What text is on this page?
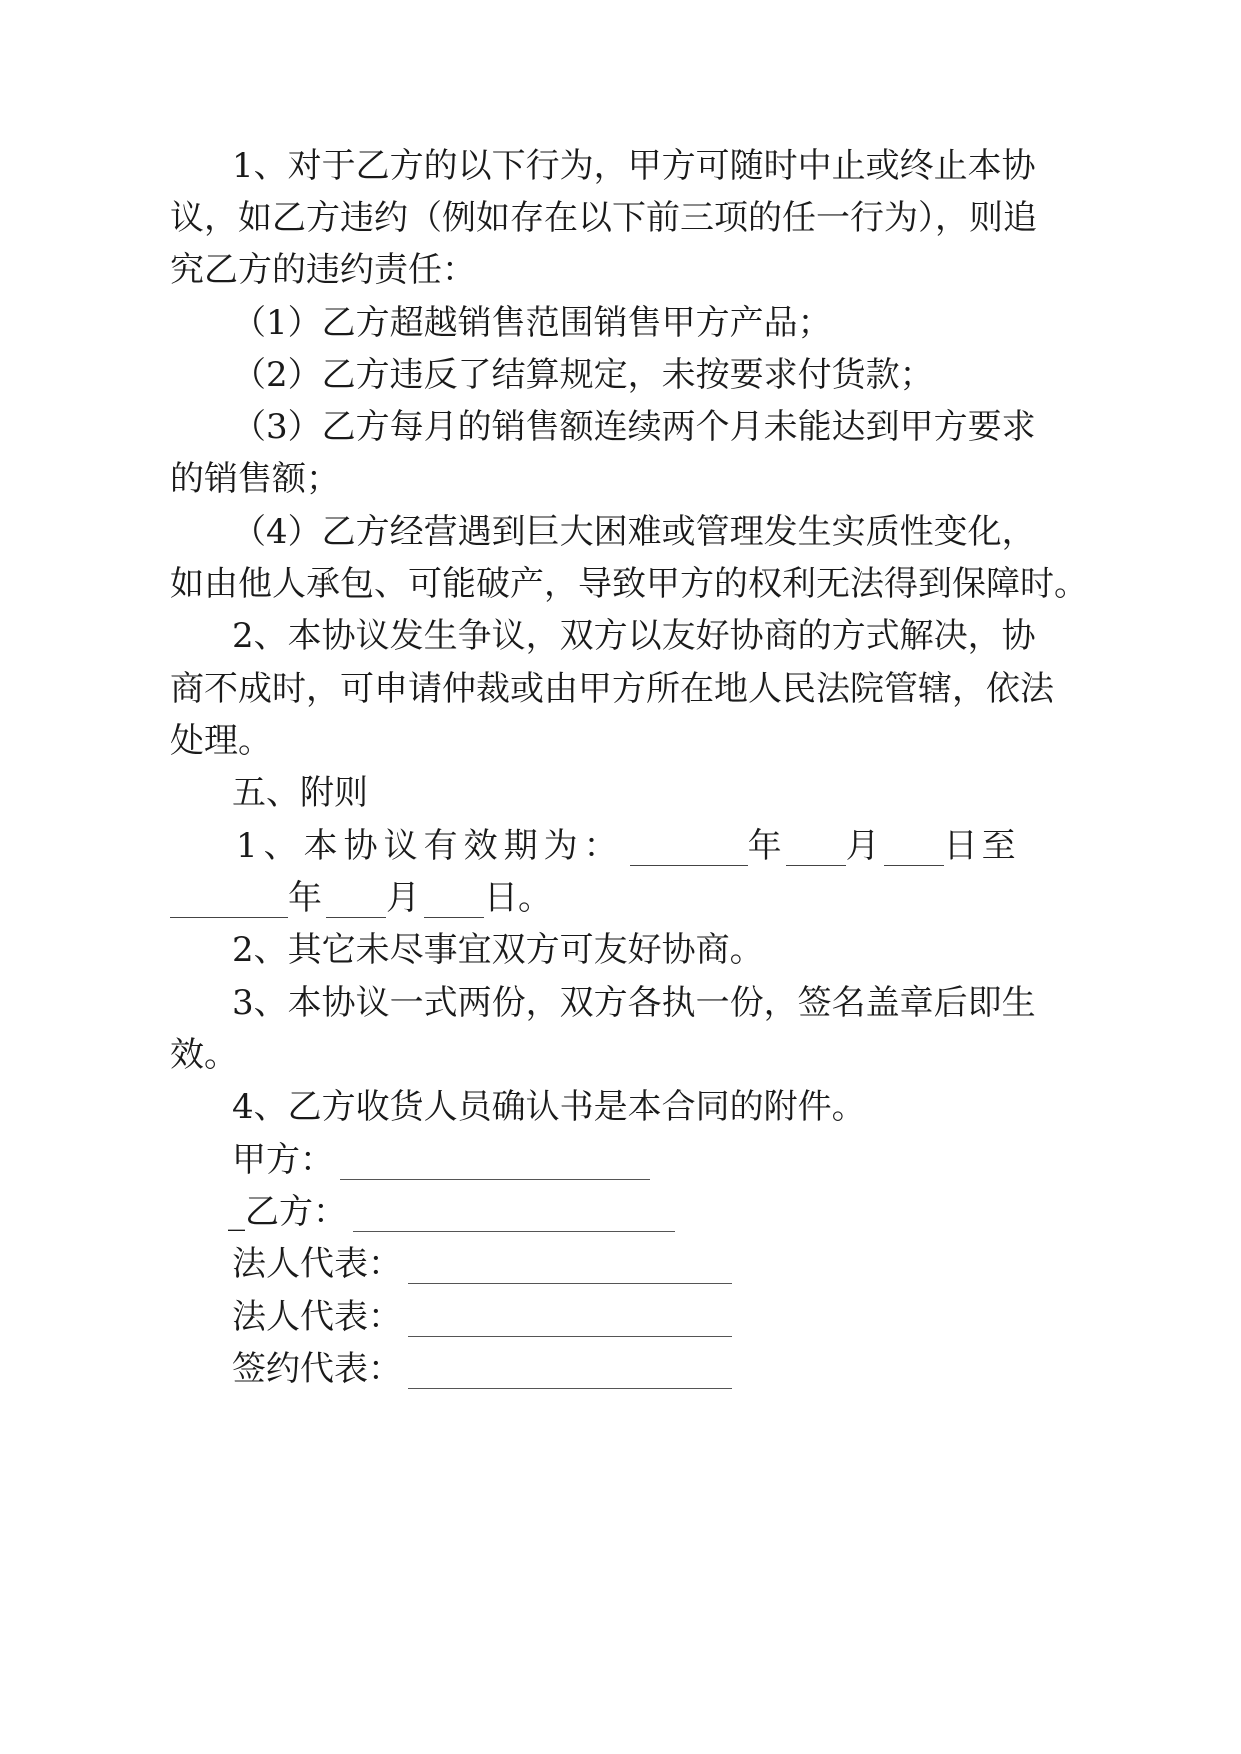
1、对于乙方的以下行为，甲方可随时中止或终止本协
议，如乙方违约（例如存在以下前三项的任一行为），则追
究乙方的违约责任：
（1）乙方超越销售范围销售甲方产品；
（2）乙方违反了结算规定，未按要求付货款；
（3）乙方每月的销售额连续两个月未能达到甲方要求
的销售额；
（4）乙方经营遇到巨大困难或管理发生实质性变化，
如由他人承包、可能破产，导致甲方的权利无法得到保障时。
2、本协议发生争议，双方以友好协商的方式解决，协
商不成时，可申请仲裁或由甲方所在地人民法院管辖，依法
处理。
五、附则
1、本协议有效期为：	年 月 日至
年 月 日。
2、其它未尽事宜双方可友好协商。
3、本协议一式两份，双方各执一份，签名盖章后即生
效。
4、乙方收货人员确认书是本合同的附件。
甲方：
_乙方：
法人代表：
法人代表：
签约代表：
